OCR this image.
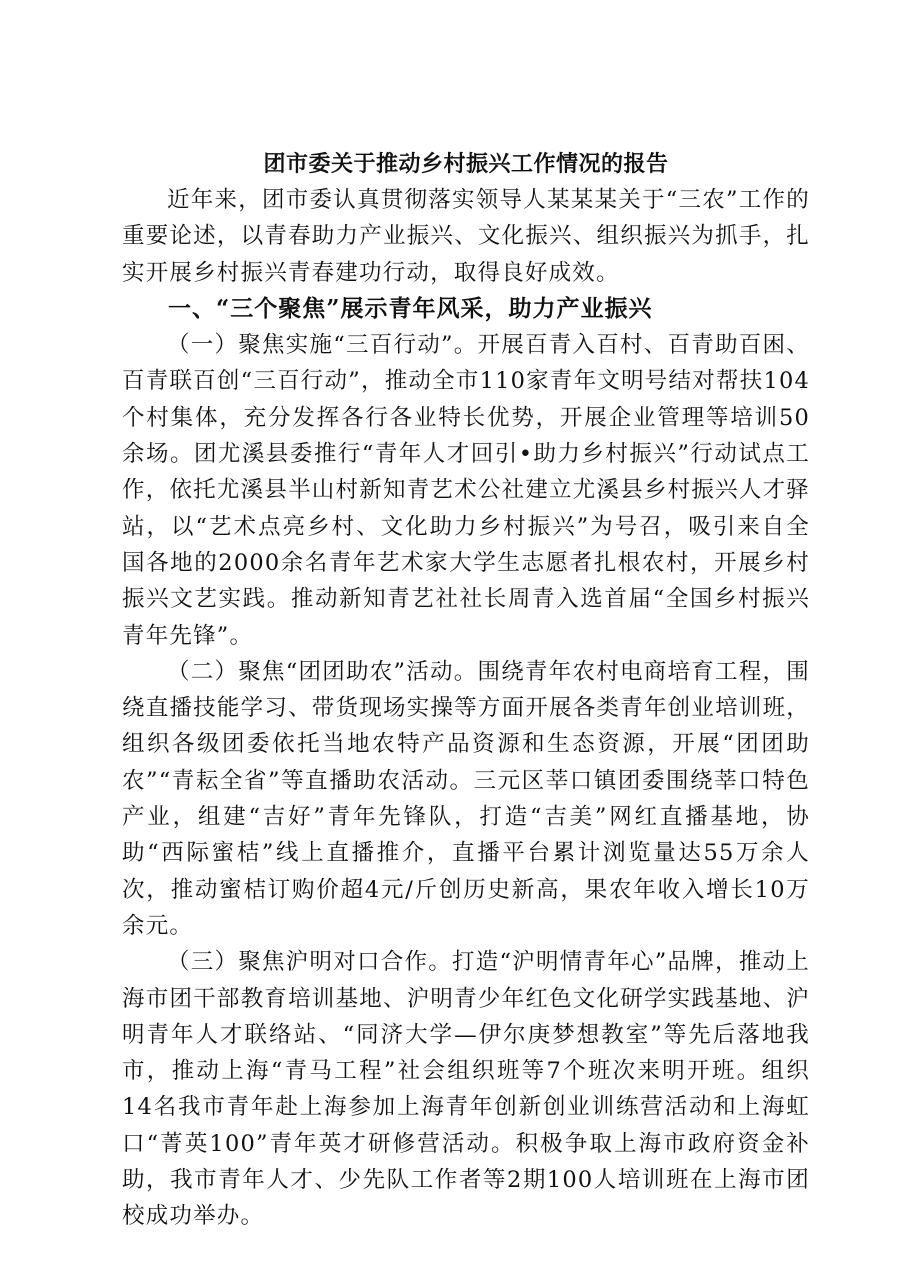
团市委关于推动乡村振兴工作情况的报告

近年来，团市委认真贯彻落实领导人某某某关于“三农”工作的重要论述，以青春助力产业振兴、文化振兴、组织振兴为抓手，扎实开展乡村振兴青春建功行动，取得良好成效。

一、“三个聚焦”展示青年风采，助力产业振兴

（一）聚焦实施“三百行动”。开展百青入百村、百青助百困、百青联百创“三百行动”，推动全市110家青年文明号结对帮扶104个村集体，充分发挥各行各业特长优势，开展企业管理等培训50余场。团尤溪县委推行“青年人才回引•助力乡村振兴”行动试点工作，依托尤溪县半山村新知青艺术公社建立尤溪县乡村振兴人才驿站，以“艺术点亮乡村、文化助力乡村振兴”为号召，吸引来自全国各地的2000余名青年艺术家大学生志愿者扎根农村，开展乡村振兴文艺实践。推动新知青艺社社长周青入选首届“全国乡村振兴青年先锋”。

（二）聚焦“团团助农”活动。围绕青年农村电商培育工程，围绕直播技能学习、带货现场实操等方面开展各类青年创业培训班，组织各级团委依托当地农特产品资源和生态资源，开展“团团助农”“青耘全省”等直播助农活动。三元区莘口镇团委围绕莘口特色产业，组建“吉好”青年先锋队，打造“吉美”网红直播基地，协助“西际蜜桔”线上直播推介，直播平台累计浏览量达55万余人次，推动蜜桔订购价超4元/斤创历史新高，果农年收入增长10万余元。

（三）聚焦沪明对口合作。打造“沪明情青年心”品牌，推动上海市团干部教育培训基地、沪明青少年红色文化研学实践基地、沪明青年人才联络站、“同济大学—伊尔庚梦想教室”等先后落地我市，推动上海“青马工程”社会组织班等7个班次来明开班。组织14名我市青年赴上海参加上海青年创新创业训练营活动和上海虹口“菁英100”青年英才研修营活动。积极争取上海市政府资金补助，我市青年人才、少先队工作者等2期100人培训班在上海市团校成功举办。
